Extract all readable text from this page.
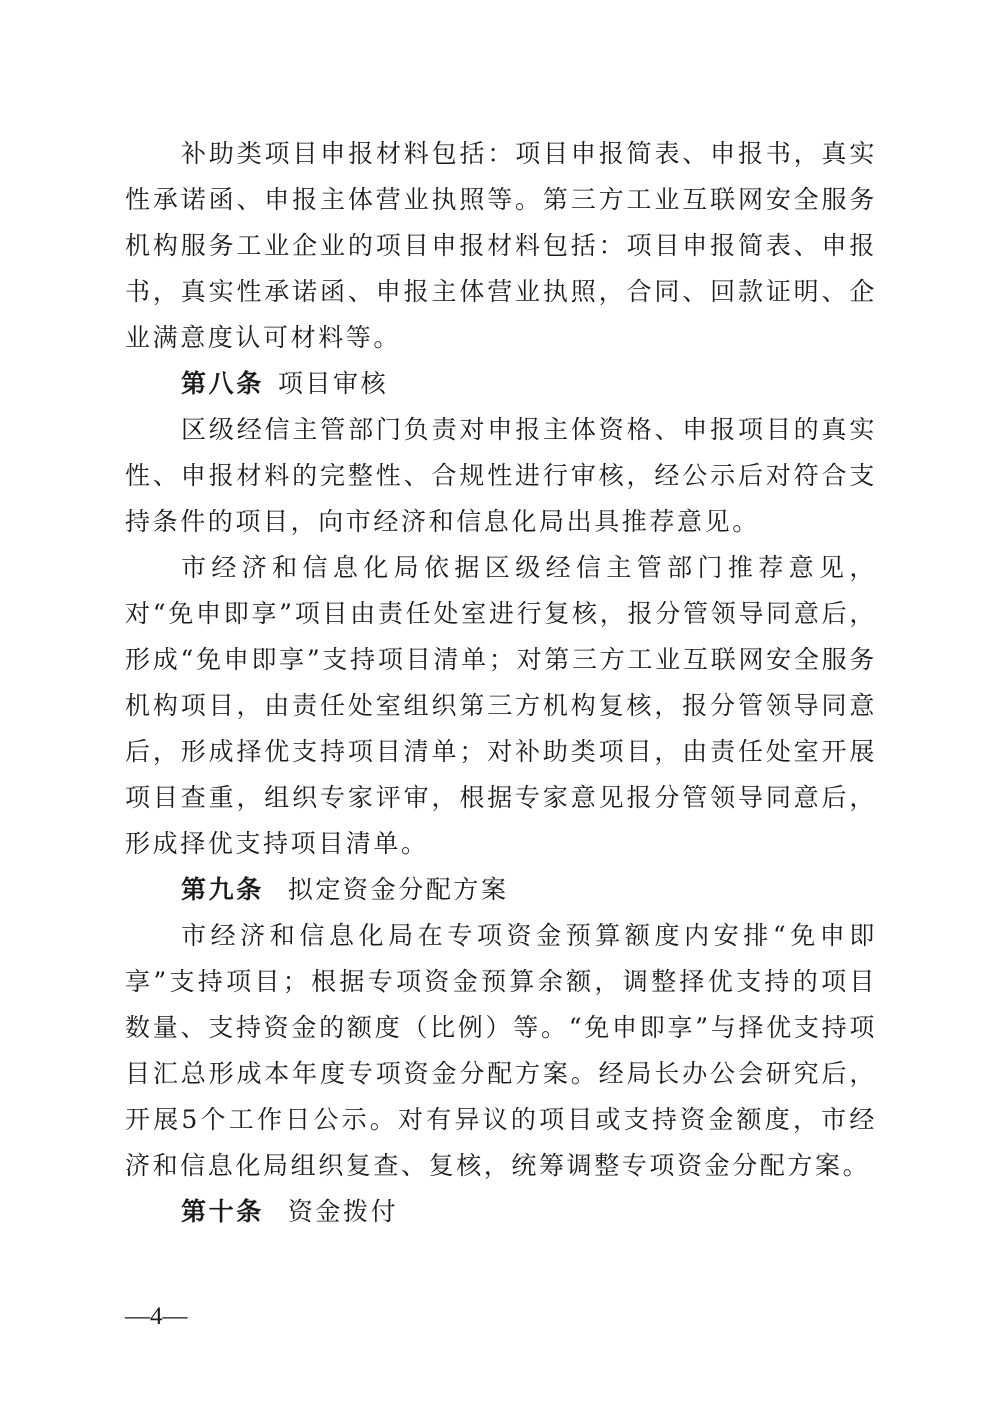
补助类项目申报材料包括：项目申报简表、申报书，真实性承诺函、申报主体营业执照等。第三方工业互联网安全服务机构服务工业企业的项目申报材料包括：项目申报简表、申报书，真实性承诺函、申报主体营业执照，合同、回款证明、企业满意度认可材料等。

第八条 项目审核

区级经信主管部门负责对申报主体资格、申报项目的真实性、申报材料的完整性、合规性进行审核，经公示后对符合支持条件的项目，向市经济和信息化局出具推荐意见。

市经济和信息化局依据区级经信主管部门推荐意见，对“免申即享”项目由责任处室进行复核，报分管领导同意后，形成“免申即享”支持项目清单；对第三方工业互联网安全服务机构项目，由责任处室组织第三方机构复核，报分管领导同意后，形成择优支持项目清单；对补助类项目，由责任处室开展项目查重，组织专家评审，根据专家意见报分管领导同意后，形成择优支持项目清单。

第九条 拟定资金分配方案

市经济和信息化局在专项资金预算额度内安排“免申即享”支持项目；根据专项资金预算余额，调整择优支持的项目数量、支持资金的额度（比例）等。“免申即享”与择优支持项目汇总形成本年度专项资金分配方案。经局长办公会研究后，开展5个工作日公示。对有异议的项目或支持资金额度，市经济和信息化局组织复查、复核，统筹调整专项资金分配方案。

第十条 资金拨付

—4—
